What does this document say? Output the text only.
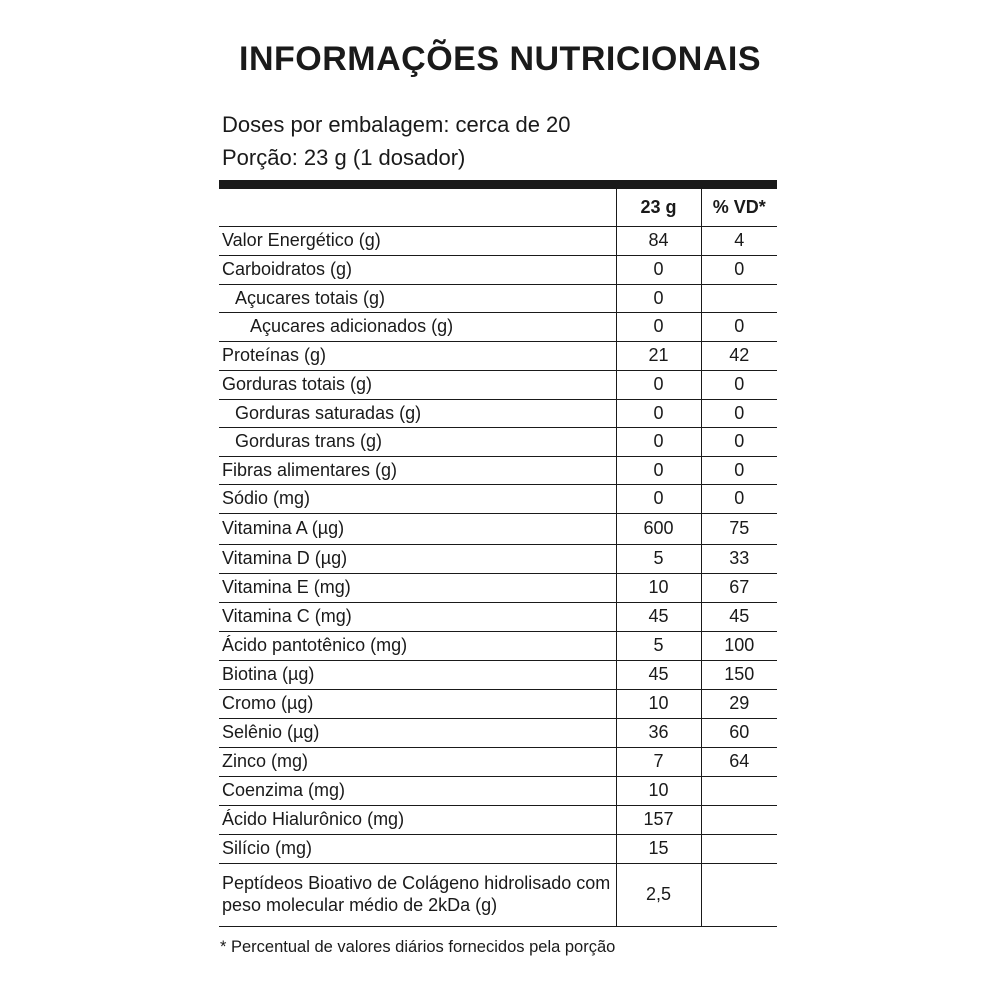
INFORMAÇÕES NUTRICIONAIS
Doses por embalagem: cerca de 20
Porção: 23 g (1 dosador)
	23 g	% VD*
Valor Energético (g)	84	4
Carboidratos (g)	0	0
Açucares totais (g)	0	
Açucares adicionados (g)	0	0
Proteínas (g)	21	42
Gorduras totais (g)	0	0
Gorduras saturadas (g)	0	0
Gorduras trans (g)	0	0
Fibras alimentares (g)	0	0
Sódio (mg)	0	0
Vitamina A (µg)	600	75
Vitamina D (µg)	5	33
Vitamina E (mg)	10	67
Vitamina C (mg)	45	45
Ácido pantotênico (mg)	5	100
Biotina (µg)	45	150
Cromo (µg)	10	29
Selênio (µg)	36	60
Zinco (mg)	7	64
Coenzima (mg)	10	
Ácido Hialurônico (mg)	157	
Silício (mg)	15	
Peptídeos Bioativo de Colágeno hidrolisado com
peso molecular médio de 2kDa (g)	2,5	
* Percentual de valores diários fornecidos pela porção
